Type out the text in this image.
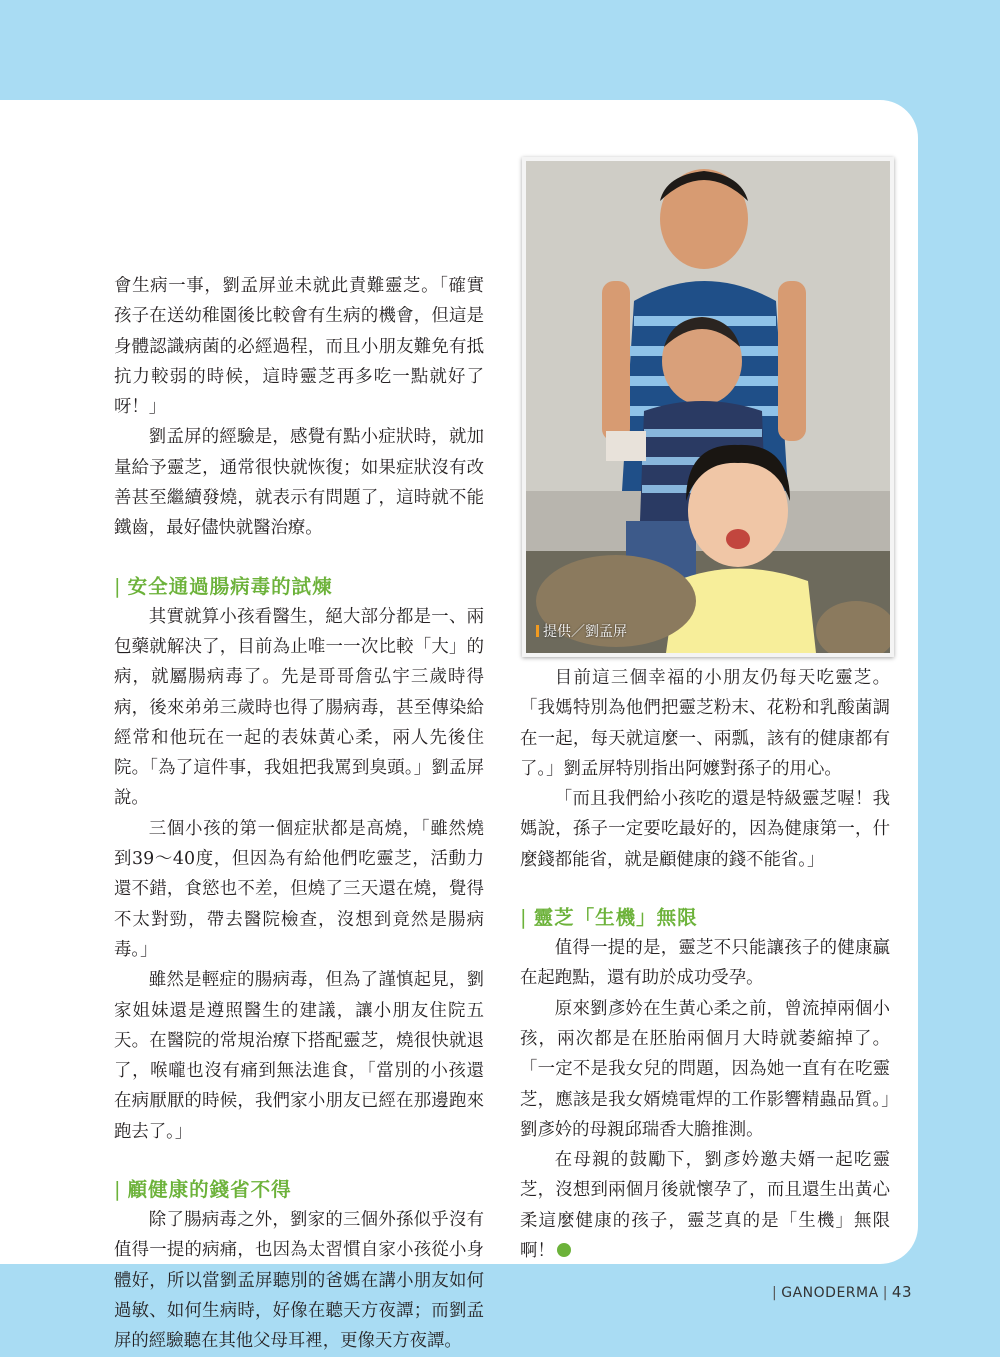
提供／劉孟屏

會生病一事，劉孟屏並未就此責難靈芝。「確實孩子在送幼稚園後比較會有生病的機會，但這是身體認識病菌的必經過程，而且小朋友難免有抵抗力較弱的時候，這時靈芝再多吃一點就好了呀！」

劉孟屏的經驗是，感覺有點小症狀時，就加量給予靈芝，通常很快就恢復；如果症狀沒有改善甚至繼續發燒，就表示有問題了，這時就不能鐵齒，最好儘快就醫治療。

| 安全通過腸病毒的試煉

其實就算小孩看醫生，絕大部分都是一、兩包藥就解決了，目前為止唯一一次比較「大」的病，就屬腸病毒了。先是哥哥詹弘宇三歲時得病，後來弟弟三歲時也得了腸病毒，甚至傳染給經常和他玩在一起的表妹黃心柔，兩人先後住院。「為了這件事，我姐把我罵到臭頭。」劉孟屏說。

三個小孩的第一個症狀都是高燒，「雖然燒到39～40度，但因為有給他們吃靈芝，活動力還不錯，食慾也不差，但燒了三天還在燒，覺得不太對勁，帶去醫院檢查，沒想到竟然是腸病毒。」

雖然是輕症的腸病毒，但為了謹慎起見，劉家姐妹還是遵照醫生的建議，讓小朋友住院五天。在醫院的常規治療下搭配靈芝，燒很快就退了，喉嚨也沒有痛到無法進食，「當別的小孩還在病厭厭的時候，我們家小朋友已經在那邊跑來跑去了。」

| 顧健康的錢省不得

除了腸病毒之外，劉家的三個外孫似乎沒有值得一提的病痛，也因為太習慣自家小孩從小身體好，所以當劉孟屏聽別的爸媽在講小朋友如何過敏、如何生病時，好像在聽天方夜譚；而劉孟屏的經驗聽在其他父母耳裡，更像天方夜譚。

目前這三個幸福的小朋友仍每天吃靈芝。「我媽特別為他們把靈芝粉末、花粉和乳酸菌調在一起，每天就這麼一、兩瓢，該有的健康都有了。」劉孟屏特別指出阿嬤對孫子的用心。

「而且我們給小孩吃的還是特級靈芝喔！我媽說，孫子一定要吃最好的，因為健康第一，什麼錢都能省，就是顧健康的錢不能省。」

| 靈芝「生機」無限

值得一提的是，靈芝不只能讓孩子的健康贏在起跑點，還有助於成功受孕。

原來劉彥妗在生黃心柔之前，曾流掉兩個小孩，兩次都是在胚胎兩個月大時就萎縮掉了。「一定不是我女兒的問題，因為她一直有在吃靈芝，應該是我女婿燒電焊的工作影響精蟲品質。」劉彥妗的母親邱瑞香大膽推測。

在母親的鼓勵下，劉彥妗邀夫婿一起吃靈芝，沒想到兩個月後就懷孕了，而且還生出黃心柔這麼健康的孩子，靈芝真的是「生機」無限啊！

| GANODERMA | 43
